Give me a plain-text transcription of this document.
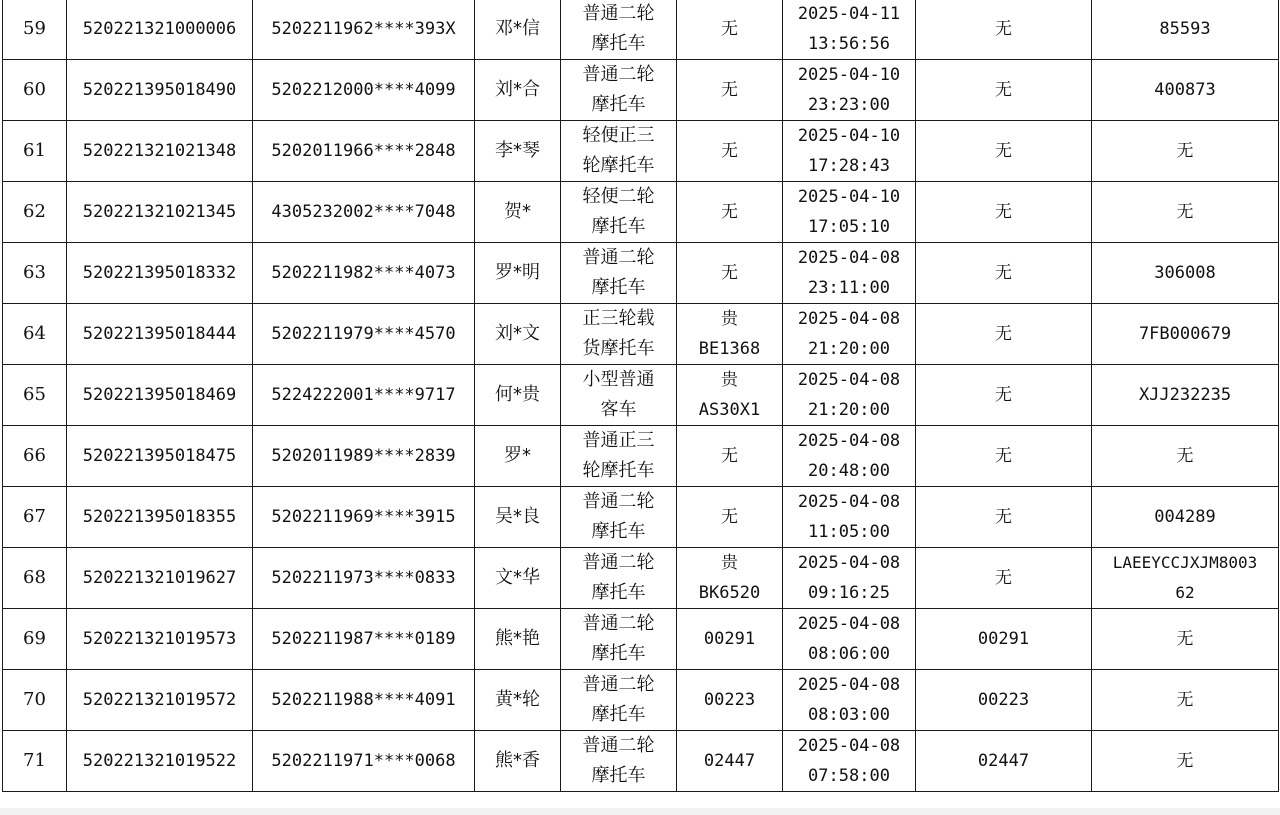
59	520221321000006	5202211962****393X	邓*信	普通二轮
摩托车	无	2025-04-11
13:56:56	无	85593

60	520221395018490	5202212000****4099	刘*合	普通二轮
摩托车	无	2025-04-10
23:23:00	无	400873

61	520221321021348	5202011966****2848	李*琴	轻便正三
轮摩托车	无	2025-04-10
17:28:43	无	无

62	520221321021345	4305232002****7048	贺*	轻便二轮
摩托车	无	2025-04-10
17:05:10	无	无

63	520221395018332	5202211982****4073	罗*明	普通二轮
摩托车	无	2025-04-08
23:11:00	无	306008

64	520221395018444	5202211979****4570	刘*文	正三轮载
货摩托车	贵
BE1368	2025-04-08
21:20:00	无	7FB000679

65	520221395018469	5224222001****9717	何*贵	小型普通
客车	贵
AS30X1	2025-04-08
21:20:00	无	XJJ232235

66	520221395018475	5202011989****2839	罗*	普通正三
轮摩托车	无	2025-04-08
20:48:00	无	无

67	520221395018355	5202211969****3915	吴*良	普通二轮
摩托车	无	2025-04-08
11:05:00	无	004289

68	520221321019627	5202211973****0833	文*华	普通二轮
摩托车	贵
BK6520	2025-04-08
09:16:25	无	LAEEYCCJXJM8003
62

69	520221321019573	5202211987****0189	熊*艳	普通二轮
摩托车	00291	2025-04-08
08:06:00	00291	无

70	520221321019572	5202211988****4091	黄*轮	普通二轮
摩托车	00223	2025-04-08
08:03:00	00223	无

71	520221321019522	5202211971****0068	熊*香	普通二轮
摩托车	02447	2025-04-08
07:58:00	02447	无
